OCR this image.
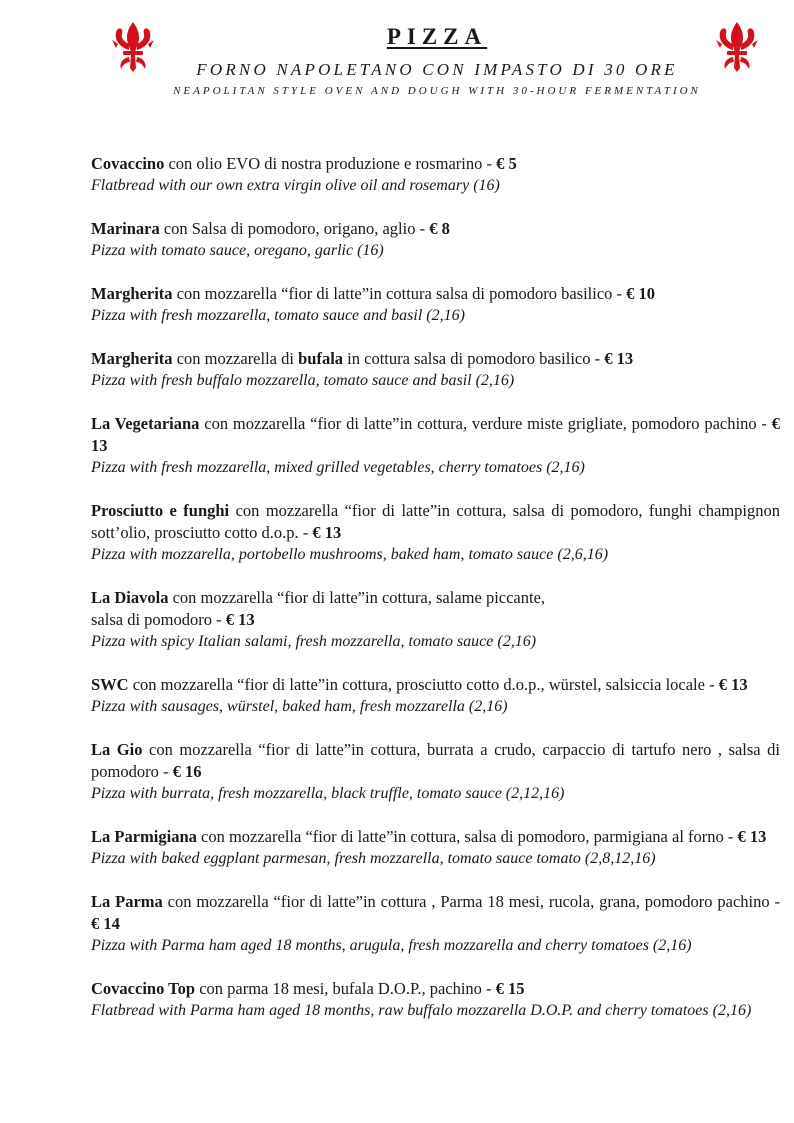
PIZZA
FORNO NAPOLETANO CON IMPASTO DI 30 ORE
NEAPOLITAN STYLE OVEN AND DOUGH WITH 30-HOUR FERMENTATION
Covaccino con olio EVO di nostra produzione e rosmarino - € 5
Flatbread with our own extra virgin olive oil and rosemary (16)
Marinara con Salsa di pomodoro, origano, aglio - € 8
Pizza with tomato sauce, oregano, garlic (16)
Margherita con mozzarella “fior di latte”in cottura salsa di pomodoro basilico - € 10
Pizza with fresh mozzarella, tomato sauce and basil (2,16)
Margherita con mozzarella di bufala in cottura salsa di pomodoro basilico - € 13
Pizza with fresh buffalo mozzarella, tomato sauce and basil (2,16)
La Vegetariana con mozzarella “fior di latte”in cottura, verdure miste grigliate, pomodoro pachino - € 13
Pizza with fresh mozzarella, mixed grilled vegetables, cherry tomatoes (2,16)
Prosciutto e funghi con mozzarella “fior di latte”in cottura, salsa di pomodoro, funghi champignon sott’olio, prosciutto cotto d.o.p. - € 13
Pizza with mozzarella, portobello mushrooms, baked ham, tomato sauce (2,6,16)
La Diavola con mozzarella “fior di latte”in cottura, salame piccante,
salsa di pomodoro - € 13
Pizza with spicy Italian salami, fresh mozzarella, tomato sauce (2,16)
SWC con mozzarella “fior di latte”in cottura, prosciutto cotto d.o.p., würstel, salsiccia locale - € 13
Pizza with sausages, würstel, baked ham, fresh mozzarella (2,16)
La Gio con mozzarella “fior di latte”in cottura, burrata a crudo, carpaccio di tartufo nero , salsa di pomodoro - € 16
Pizza with burrata, fresh mozzarella, black truffle, tomato sauce (2,12,16)
La Parmigiana con mozzarella “fior di latte”in cottura, salsa di pomodoro, parmigiana al forno - € 13
Pizza with baked eggplant parmesan, fresh mozzarella, tomato sauce tomato (2,8,12,16)
La Parma con mozzarella “fior di latte”in cottura , Parma 18 mesi, rucola, grana, pomodoro pachino - € 14
Pizza with Parma ham aged 18 months, arugula, fresh mozzarella and cherry tomatoes (2,16)
Covaccino Top con parma 18 mesi, bufala D.O.P., pachino - € 15
Flatbread with Parma ham aged 18 months, raw buffalo mozzarella D.O.P. and cherry tomatoes (2,16)
